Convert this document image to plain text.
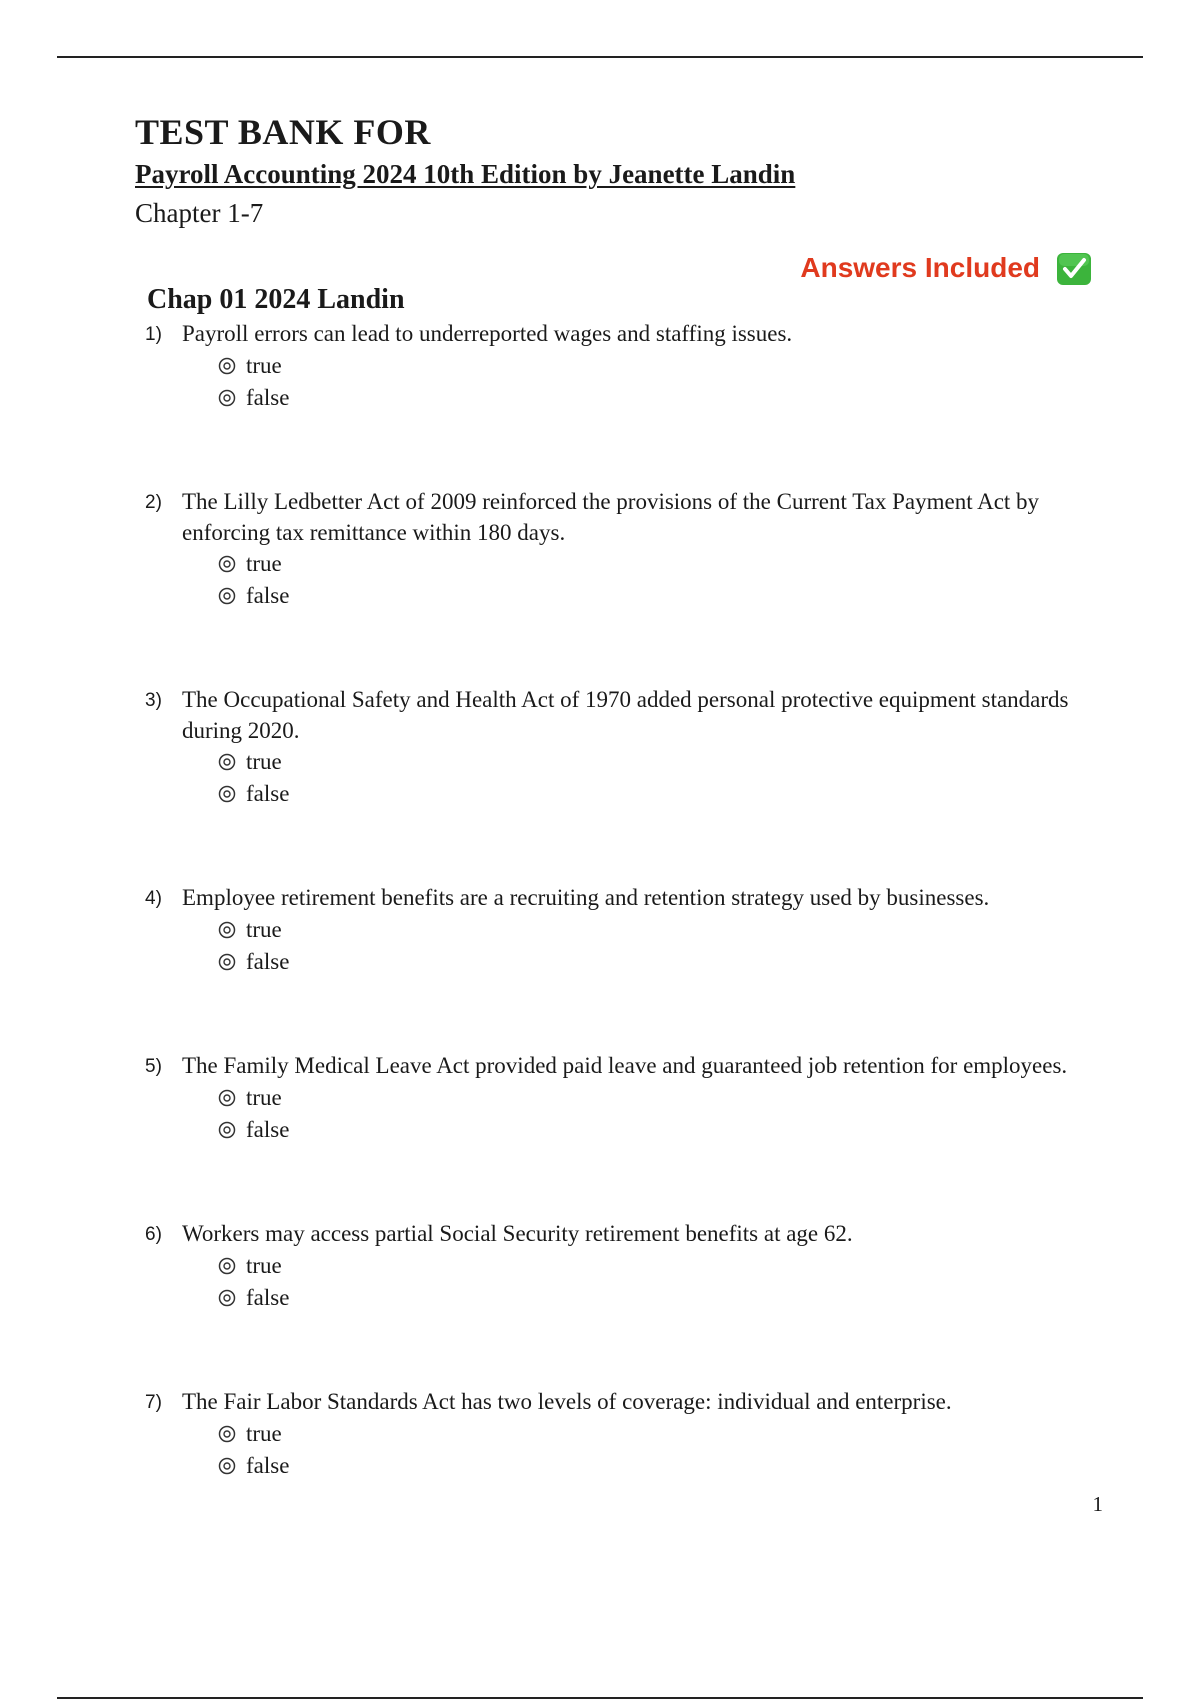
TEST BANK FOR
Payroll Accounting 2024 10th Edition by Jeanette Landin
Chapter 1-7
Answers Included
Chap 01 2024 Landin
1) Payroll errors can lead to underreported wages and staffing issues.
true
false
2) The Lilly Ledbetter Act of 2009 reinforced the provisions of the Current Tax Payment Act by enforcing tax remittance within 180 days.
true
false
3) The Occupational Safety and Health Act of 1970 added personal protective equipment standards during 2020.
true
false
4) Employee retirement benefits are a recruiting and retention strategy used by businesses.
true
false
5) The Family Medical Leave Act provided paid leave and guaranteed job retention for employees.
true
false
6) Workers may access partial Social Security retirement benefits at age 62.
true
false
7) The Fair Labor Standards Act has two levels of coverage: individual and enterprise.
true
false
1
